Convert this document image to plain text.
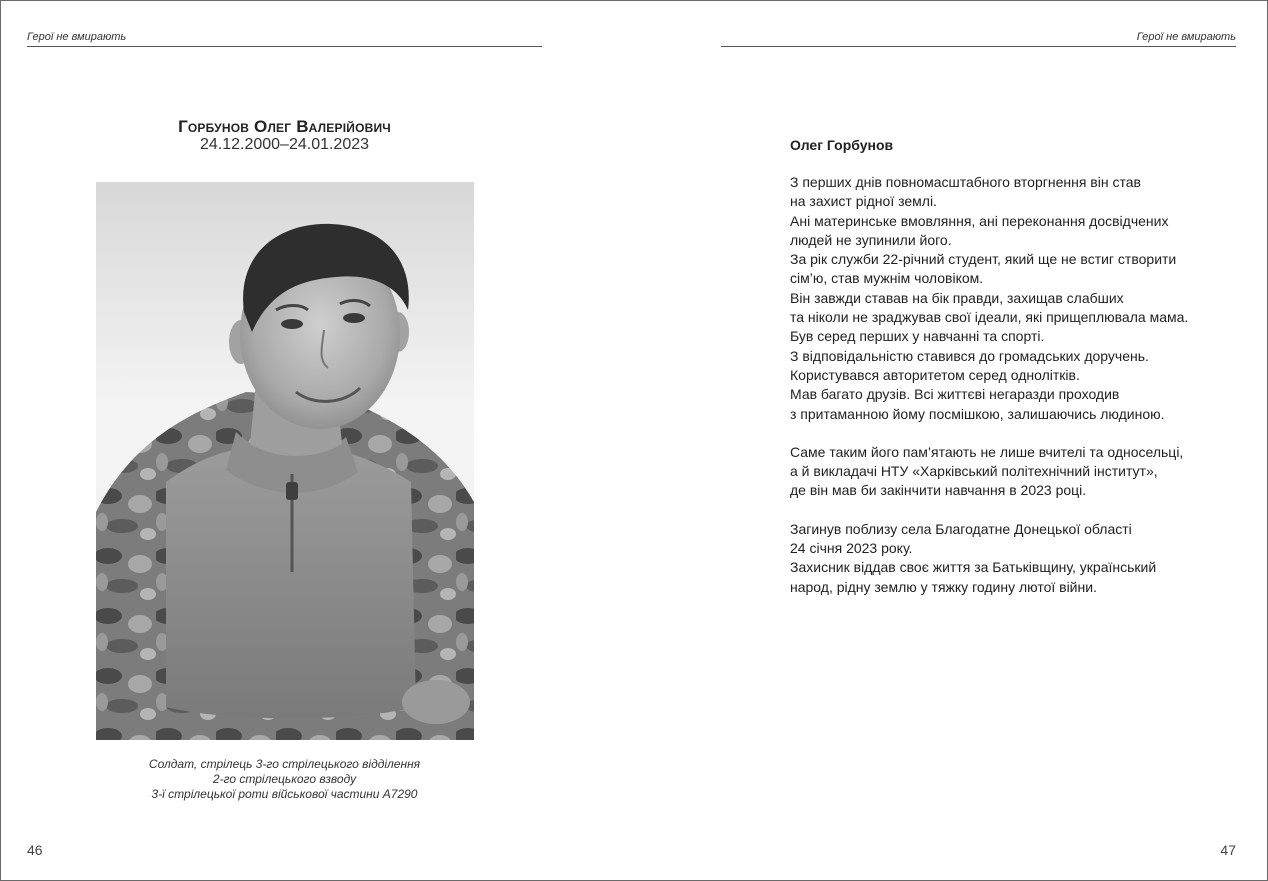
Герої не вмирають
Горбунов Олег Валерійович
24.12.2000–24.01.2023
Солдат, стрілець 3-го стрілецького відділення
2-го стрілецького взводу
3-ї стрілецької роти військової частини А7290
46
Герої не вмирають
Олег Горбунов
З перших днів повномасштабного вторгнення він став
на захист рідної землі.
Ані материнське вмовляння, ані переконання досвідчених
людей не зупинили його.
За рік служби 22-річний студент, який ще не встиг створити
сім’ю, став мужнім чоловіком.
Він завжди ставав на бік правди, захищав слабших
та ніколи не зраджував свої ідеали, які прищеплювала мама.
Був серед перших у навчанні та спорті.
З відповідальністю ставився до громадських доручень.
Користувався авторитетом серед однолітків.
Мав багато друзів. Всі життєві негаразди проходив
з притаманною йому посмішкою, залишаючись людиною.
Саме таким його пам’ятають не лише вчителі та односельці,
а й викладачі НТУ «Харківський політехнічний інститут»,
де він мав би закінчити навчання в 2023 році.
Загинув поблизу села Благодатне Донецької області
24 січня 2023 року.
Захисник віддав своє життя за Батьківщину, український
народ, рідну землю у тяжку годину лютої війни.
47
